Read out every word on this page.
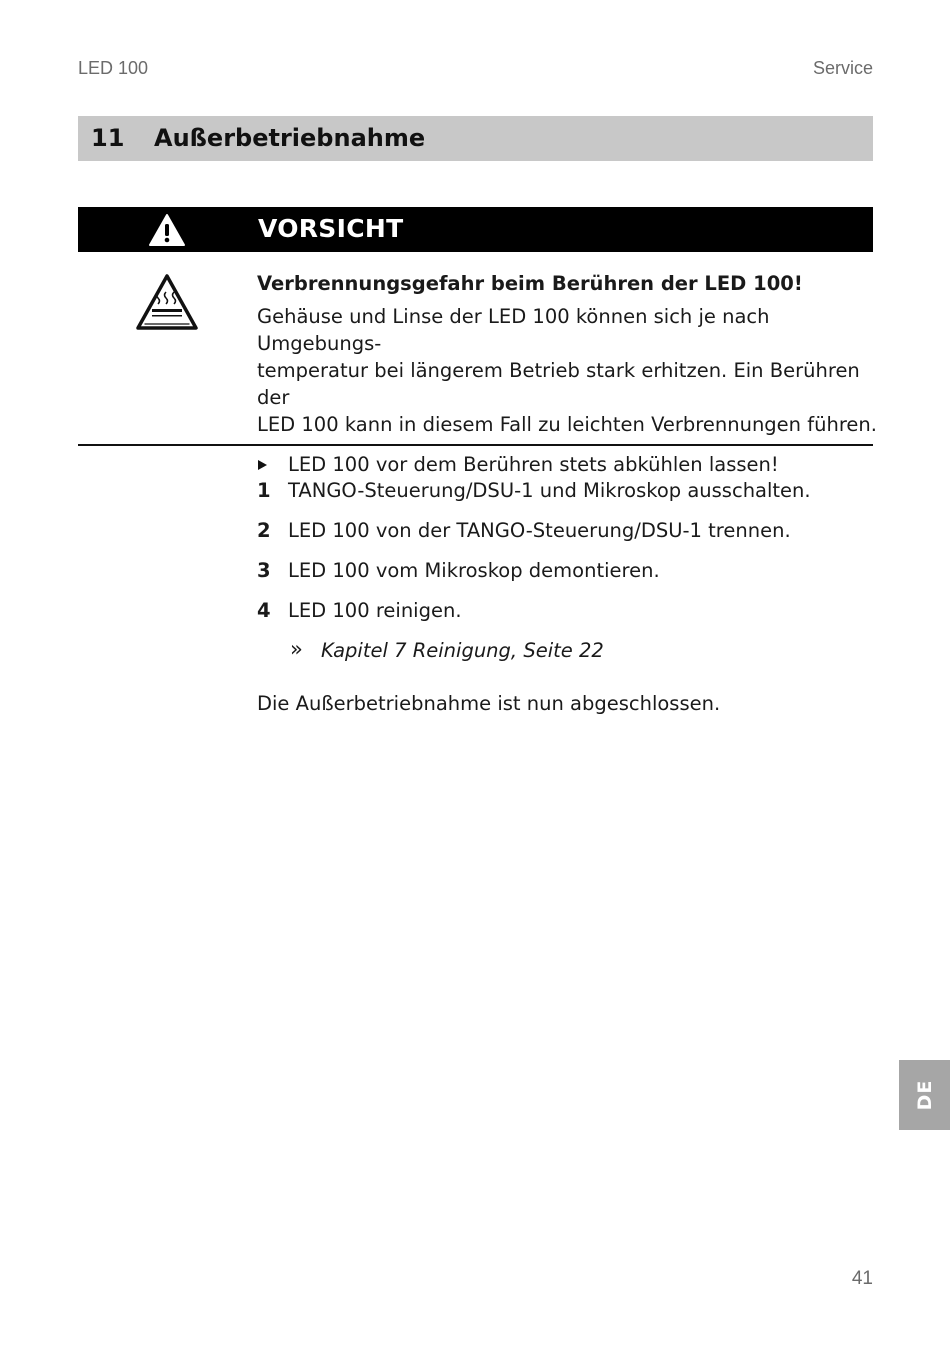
LED 100	Service
11 Außerbetriebnahme
VORSICHT

Verbrennungsgefahr beim Berühren der LED 100!

Gehäuse und Linse der LED 100 können sich je nach Umgebungs-
temperatur bei längerem Betrieb stark erhitzen. Ein Berühren der
LED 100 kann in diesem Fall zu leichten Verbrennungen führen.

LED 100 vor dem Berühren stets abkühlen lassen!
1 TANGO-Steuerung/DSU-1 und Mikroskop ausschalten.
2 LED 100 von der TANGO-Steuerung/DSU-1 trennen.
3 LED 100 vom Mikroskop demontieren.
4 LED 100 reinigen.
» Kapitel 7 Reinigung, Seite 22
Die Außerbetriebnahme ist nun abgeschlossen.
DE
41
